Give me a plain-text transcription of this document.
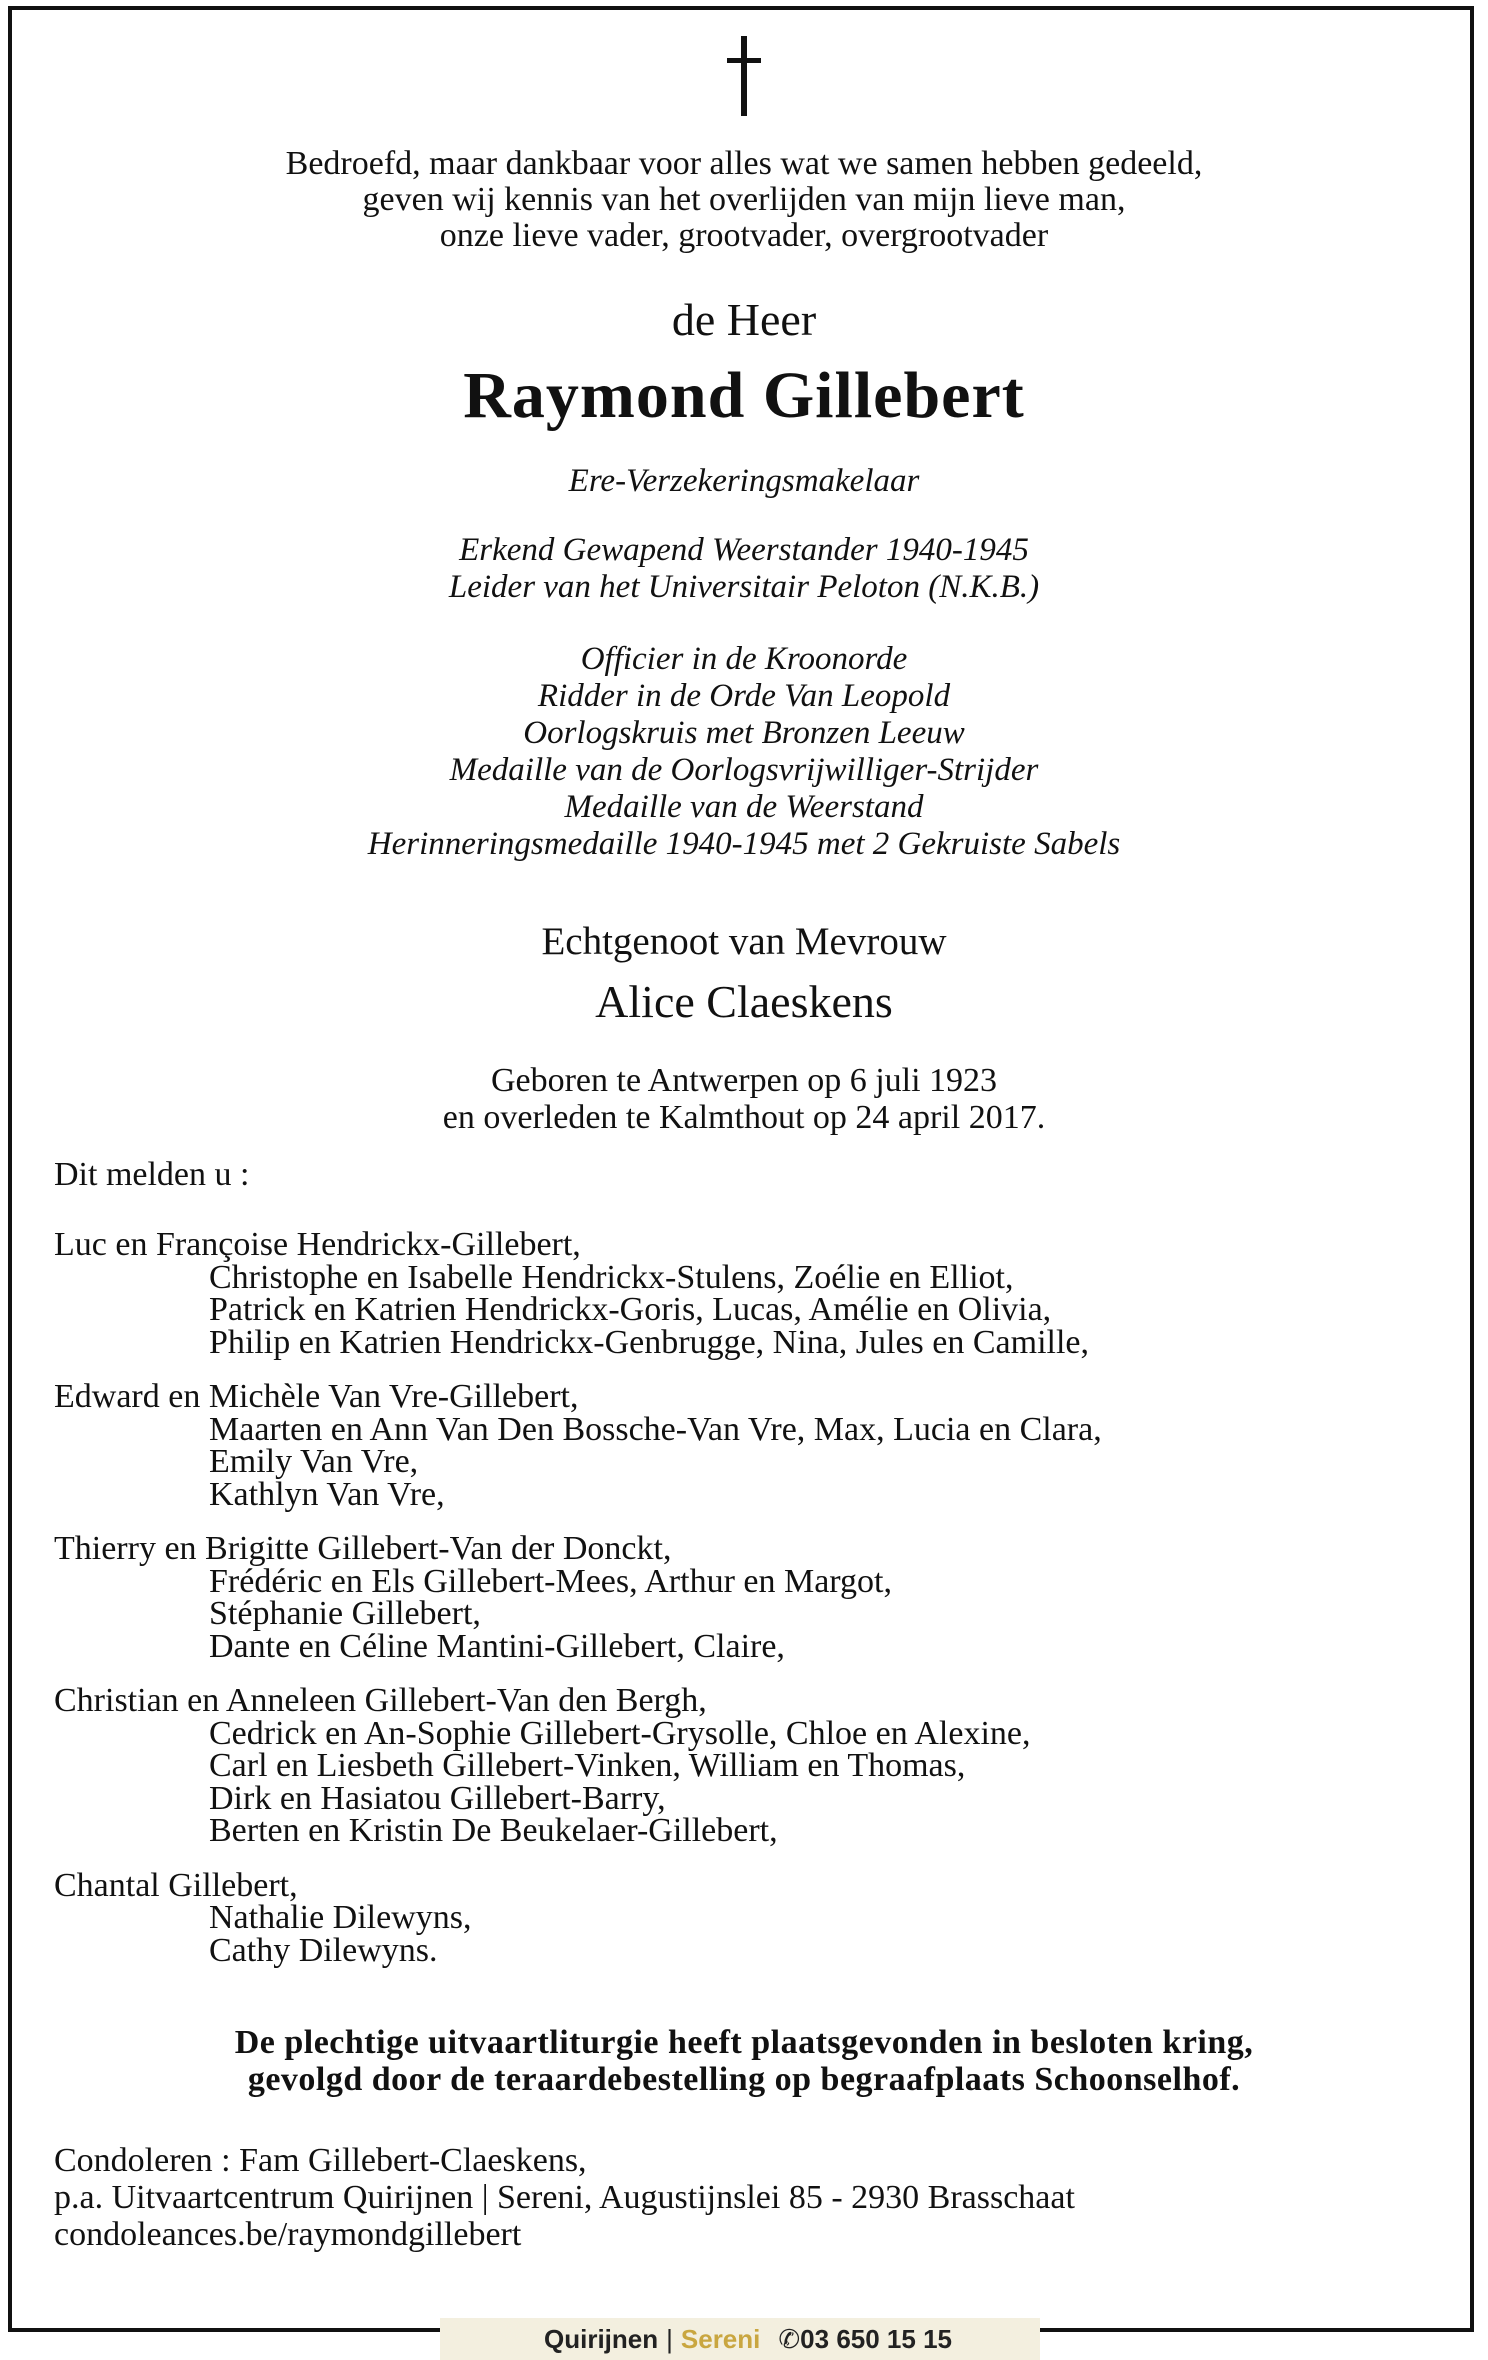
Bedroefd, maar dankbaar voor alles wat we samen hebben gedeeld,
geven wij kennis van het overlijden van mijn lieve man,
onze lieve vader, grootvader, overgrootvader
de Heer
Raymond Gillebert
Ere-Verzekeringsmakelaar
Erkend Gewapend Weerstander 1940-1945
Leider van het Universitair Peloton (N.K.B.)
Officier in de Kroonorde
Ridder in de Orde Van Leopold
Oorlogskruis met Bronzen Leeuw
Medaille van de Oorlogsvrijwilliger-Strijder
Medaille van de Weerstand
Herinneringsmedaille 1940-1945 met 2 Gekruiste Sabels
Echtgenoot van Mevrouw
Alice Claeskens
Geboren te Antwerpen op 6 juli 1923
en overleden te Kalmthout op 24 april 2017.
Dit melden u :
Luc en Françoise Hendrickx-Gillebert,
Christophe en Isabelle Hendrickx-Stulens, Zoélie en Elliot,
Patrick en Katrien Hendrickx-Goris, Lucas, Amélie en Olivia,
Philip en Katrien Hendrickx-Genbrugge, Nina, Jules en Camille,
Edward en Michèle Van Vre-Gillebert,
Maarten en Ann Van Den Bossche-Van Vre, Max, Lucia en Clara,
Emily Van Vre,
Kathlyn Van Vre,
Thierry en Brigitte Gillebert-Van der Donckt,
Frédéric en Els Gillebert-Mees, Arthur en Margot,
Stéphanie Gillebert,
Dante en Céline Mantini-Gillebert, Claire,
Christian en Anneleen Gillebert-Van den Bergh,
Cedrick en An-Sophie Gillebert-Grysolle, Chloe en Alexine,
Carl en Liesbeth Gillebert-Vinken, William en Thomas,
Dirk en Hasiatou Gillebert-Barry,
Berten en Kristin De Beukelaer-Gillebert,
Chantal Gillebert,
Nathalie Dilewyns,
Cathy Dilewyns.
De plechtige uitvaartliturgie heeft plaatsgevonden in besloten kring,
gevolgd door de teraardebestelling op begraafplaats Schoonselhof.
Condoleren : Fam Gillebert-Claeskens,
p.a. Uitvaartcentrum Quirijnen | Sereni, Augustijnslei 85 - 2930 Brasschaat
condoleances.be/raymondgillebert
Quirijnen | Sereni ✆03 650 15 15
